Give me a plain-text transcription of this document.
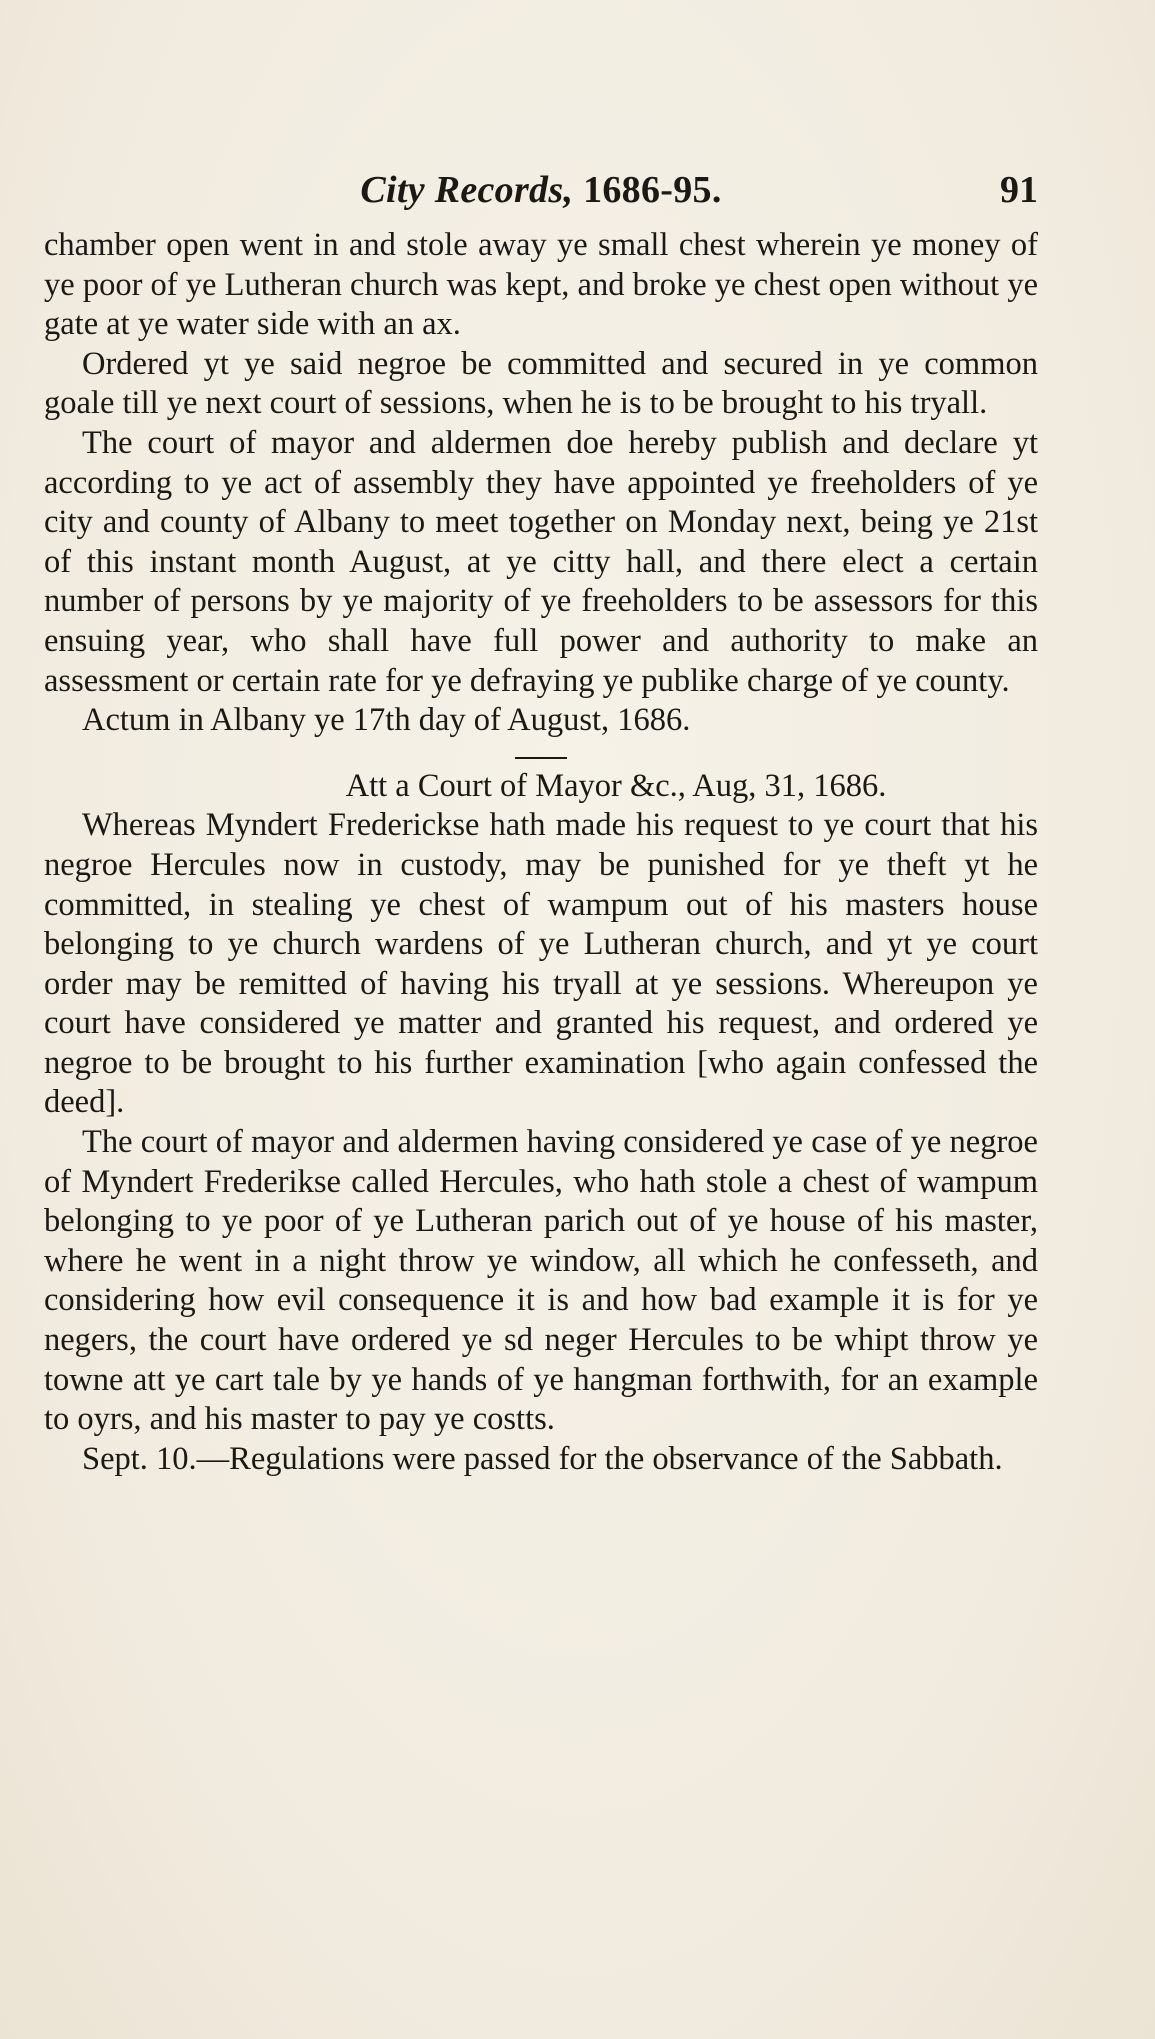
City Records, 1686-95.	91

chamber open went in and stole away ye small chest wherein ye money of ye poor of ye Lutheran church was kept, and broke ye chest open without ye gate at ye water side with an ax.

Ordered yt ye said negroe be committed and secured in ye common goale till ye next court of sessions, when he is to be brought to his tryall.

The court of mayor and aldermen doe hereby publish and declare yt according to ye act of assembly they have appointed ye freeholders of ye city and county of Albany to meet together on Monday next, being ye 21st of this instant month August, at ye citty hall, and there elect a certain number of persons by ye majority of ye freeholders to be assessors for this ensuing year, who shall have full power and authority to make an assessment or certain rate for ye defraying ye publike charge of ye county.

Actum in Albany ye 17th day of August, 1686.

Att a Court of Mayor &c., Aug, 31, 1686.

Whereas Myndert Frederickse hath made his request to ye court that his negroe Hercules now in custody, may be punished for ye theft yt he committed, in stealing ye chest of wampum out of his masters house belonging to ye church wardens of ye Lutheran church, and yt ye court order may be remitted of having his tryall at ye sessions. Whereupon ye court have considered ye matter and granted his request, and ordered ye negroe to be brought to his further examination [who again confessed the deed].

The court of mayor and aldermen having considered ye case of ye negroe of Myndert Frederikse called Hercules, who hath stole a chest of wampum belonging to ye poor of ye Lutheran parich out of ye house of his master, where he went in a night throw ye window, all which he confesseth, and considering how evil consequence it is and how bad example it is for ye negers, the court have ordered ye sd neger Hercules to be whipt throw ye towne att ye cart tale by ye hands of ye hangman forthwith, for an example to oyrs, and his master to pay ye costts.

Sept. 10.—Regulations were passed for the observance of the Sabbath.
